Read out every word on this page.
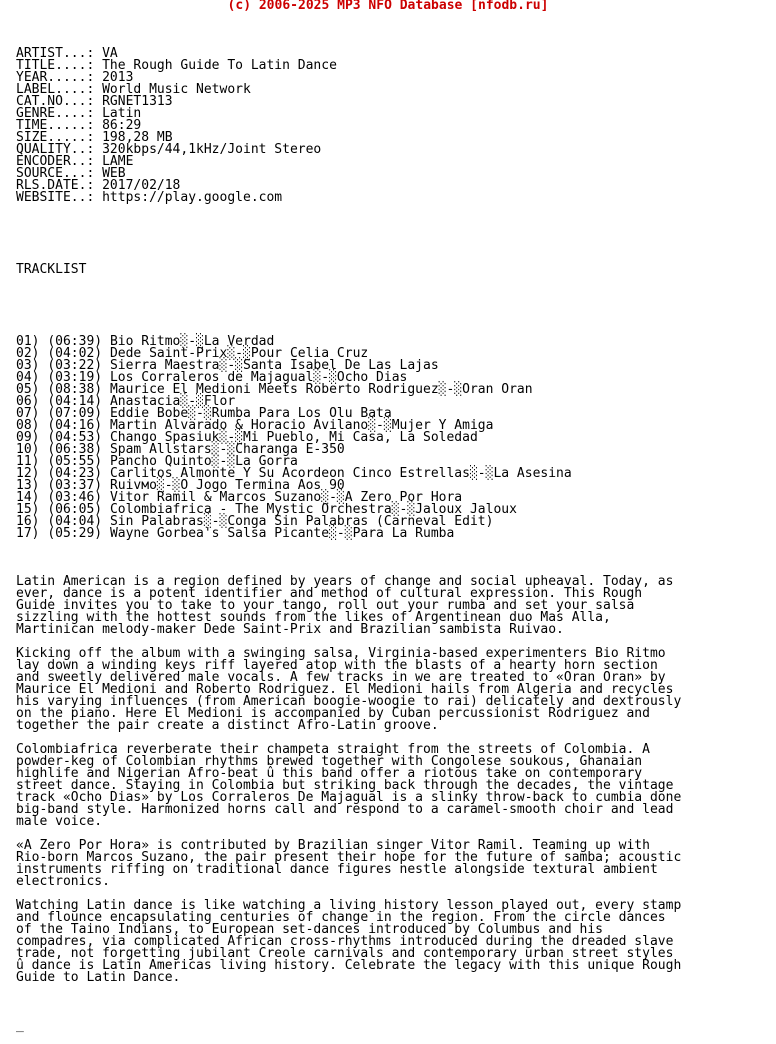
(c) 2006-2025 MP3 NFO Database [nfodb.ru]

ARTIST...: VA
TITLE....: The Rough Guide To Latin Dance
YEAR.....: 2013
LABEL....: World Music Network
CAT.NO...: RGNET1313
GENRE....: Latin
TIME.....: 86:29
SIZE.....: 198,28 MB
QUALITY..: 320kbps/44,1kHz/Joint Stereo
ENCODER..: LAME
SOURCE...: WEB
RLS.DATE.: 2017/02/18
WEBSITE..: https://play.google.com

TRACKLIST

01) (06:39) Bio Ritmo░-░La Verdad
02) (04:02) Dede Saint-Prix░-░Pour Celia Cruz
03) (03:22) Sierra Maestra░-░Santa Isabel De Las Lajas
04) (03:19) Los Corraleros de Majagual░-░Ocho Dias
05) (08:38) Maurice El Medioni Meets Roberto Rodriguez░-░Oran Oran
06) (04:14) Anastacia░-░Flor
07) (07:09) Eddie Bobe░-░Rumba Para Los Olu Bata
08) (04:16) Martin Alvarado & Horacio Avilano░-░Mujer Y Amiga
09) (04:53) Chango Spasiuk░-░Mi Pueblo, Mi Casa, La Soledad
10) (06:38) Spam Allstars░-░Charanga E-350
11) (05:55) Pancho Quinto░-░La Gorra
12) (04:23) Carlitos Almonte Y Su Acordeon Cinco Estrellas░-░La Asesina
13) (03:37) Ruivмо░-░O Jogo Termina Aos 90
14) (03:46) Vitor Ramil & Marcos Suzano░-░A Zero Por Hora
15) (06:05) Colombiafrica - The Mystic Orchestra░-░Jaloux Jaloux
16) (04:04) Sin Palabras░-░Conga Sin Palabras (Carneval Edit)
17) (05:29) Wayne Gorbea's Salsa Picante░-░Para La Rumba

Latin American is a region defined by years of change and social upheaval. Today, as
ever, dance is a potent identifier and method of cultural expression. This Rough
Guide invites you to take to your tango, roll out your rumba and set your salsa
sizzling with the hottest sounds from the likes of Argentinean duo Mas Alla,
Martinican melody-maker Dede Saint-Prix and Brazilian sambista Ruivao.
Kicking off the album with a swinging salsa, Virginia-based experimenters Bio Ritmo
lay down a winding keys riff layered atop with the blasts of a hearty horn section
and sweetly delivered male vocals. A few tracks in we are treated to «Oran Oran» by
Maurice El Medioni and Roberto Rodriguez. El Medioni hails from Algeria and recycles
his varying influences (from American boogie-woogie to rai) delicately and dextrously
on the piano. Here El Medioni is accompanied by Cuban percussionist Rodriguez and
together the pair create a distinct Afro-Latin groove.
Colombiafrica reverberate their champeta straight from the streets of Colombia. A
powder-keg of Colombian rhythms brewed together with Congolese soukous, Ghanaian
highlife and Nigerian Afro-beat û this band offer a riotous take on contemporary
street dance. Staying in Colombia but striking back through the decades, the vintage
track «Ocho Dias» by Los Corraleros De Majagual is a slinky throw-back to cumbia done
big-band style. Harmonized horns call and respond to a caramel-smooth choir and lead
male voice.
«A Zero Por Hora» is contributed by Brazilian singer Vitor Ramil. Teaming up with
Rio-born Marcos Suzano, the pair present their hope for the future of samba; acoustic
instruments riffing on traditional dance figures nestle alongside textural ambient
electronics.
Watching Latin dance is like watching a living history lesson played out, every stamp
and flounce encapsulating centuries of change in the region. From the circle dances
of the Taino Indians, to European set-dances introduced by Columbus and his
compadres, via complicated African cross-rhythms introduced during the dreaded slave
trade, not forgetting jubilant Creole carnivals and contemporary urban street styles
û dance is Latin Americas living history. Celebrate the legacy with this unique Rough
Guide to Latin Dance.

_
